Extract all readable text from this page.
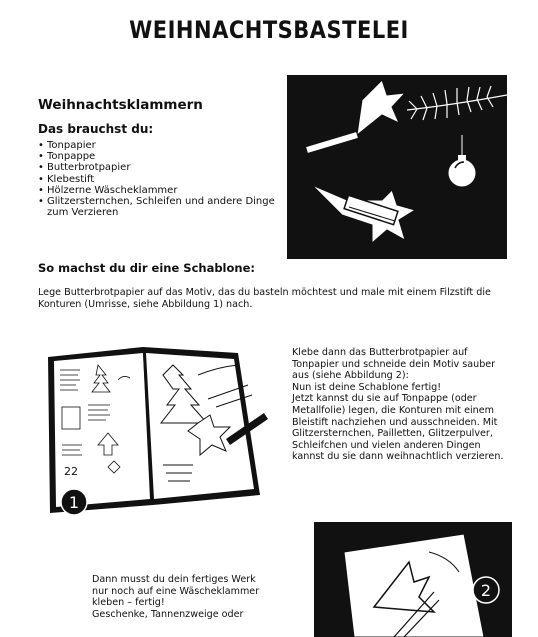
WEIHNACHTSBASTELEI
Weihnachtsklammern
Das brauchst du:
• Tonpapier
• Tonpappe
• Butterbrotpapier
• Klebestift
• Hölzerne Wäscheklammer
• Glitzersternchen, Schleifen und andere Dinge zum Verzieren
So machst du dir eine Schablone:
Lege Butterbrotpapier auf das Motiv, das du basteln möchtest und male mit einem Filzstift die Konturen (Umrisse, siehe Abbildung 1) nach.
1
22
Klebe dann das Butterbrotpapier auf
Tonpapier und schneide dein Motiv sauber
aus (siehe Abbildung 2):
Nun ist deine Schablone fertig!
Jetzt kannst du sie auf Tonpappe (oder
Metallfolie) legen, die Konturen mit einem
Bleistift nachziehen und ausschneiden. Mit
Glitzersternchen, Pailletten, Glitzerpulver,
Schleifchen und vielen anderen Dingen
kannst du sie dann weihnachtlich verzieren.
2
Dann musst du dein fertiges Werk
nur noch auf eine Wäscheklammer
kleben – fertig!
Geschenke, Tannenzweige oder
